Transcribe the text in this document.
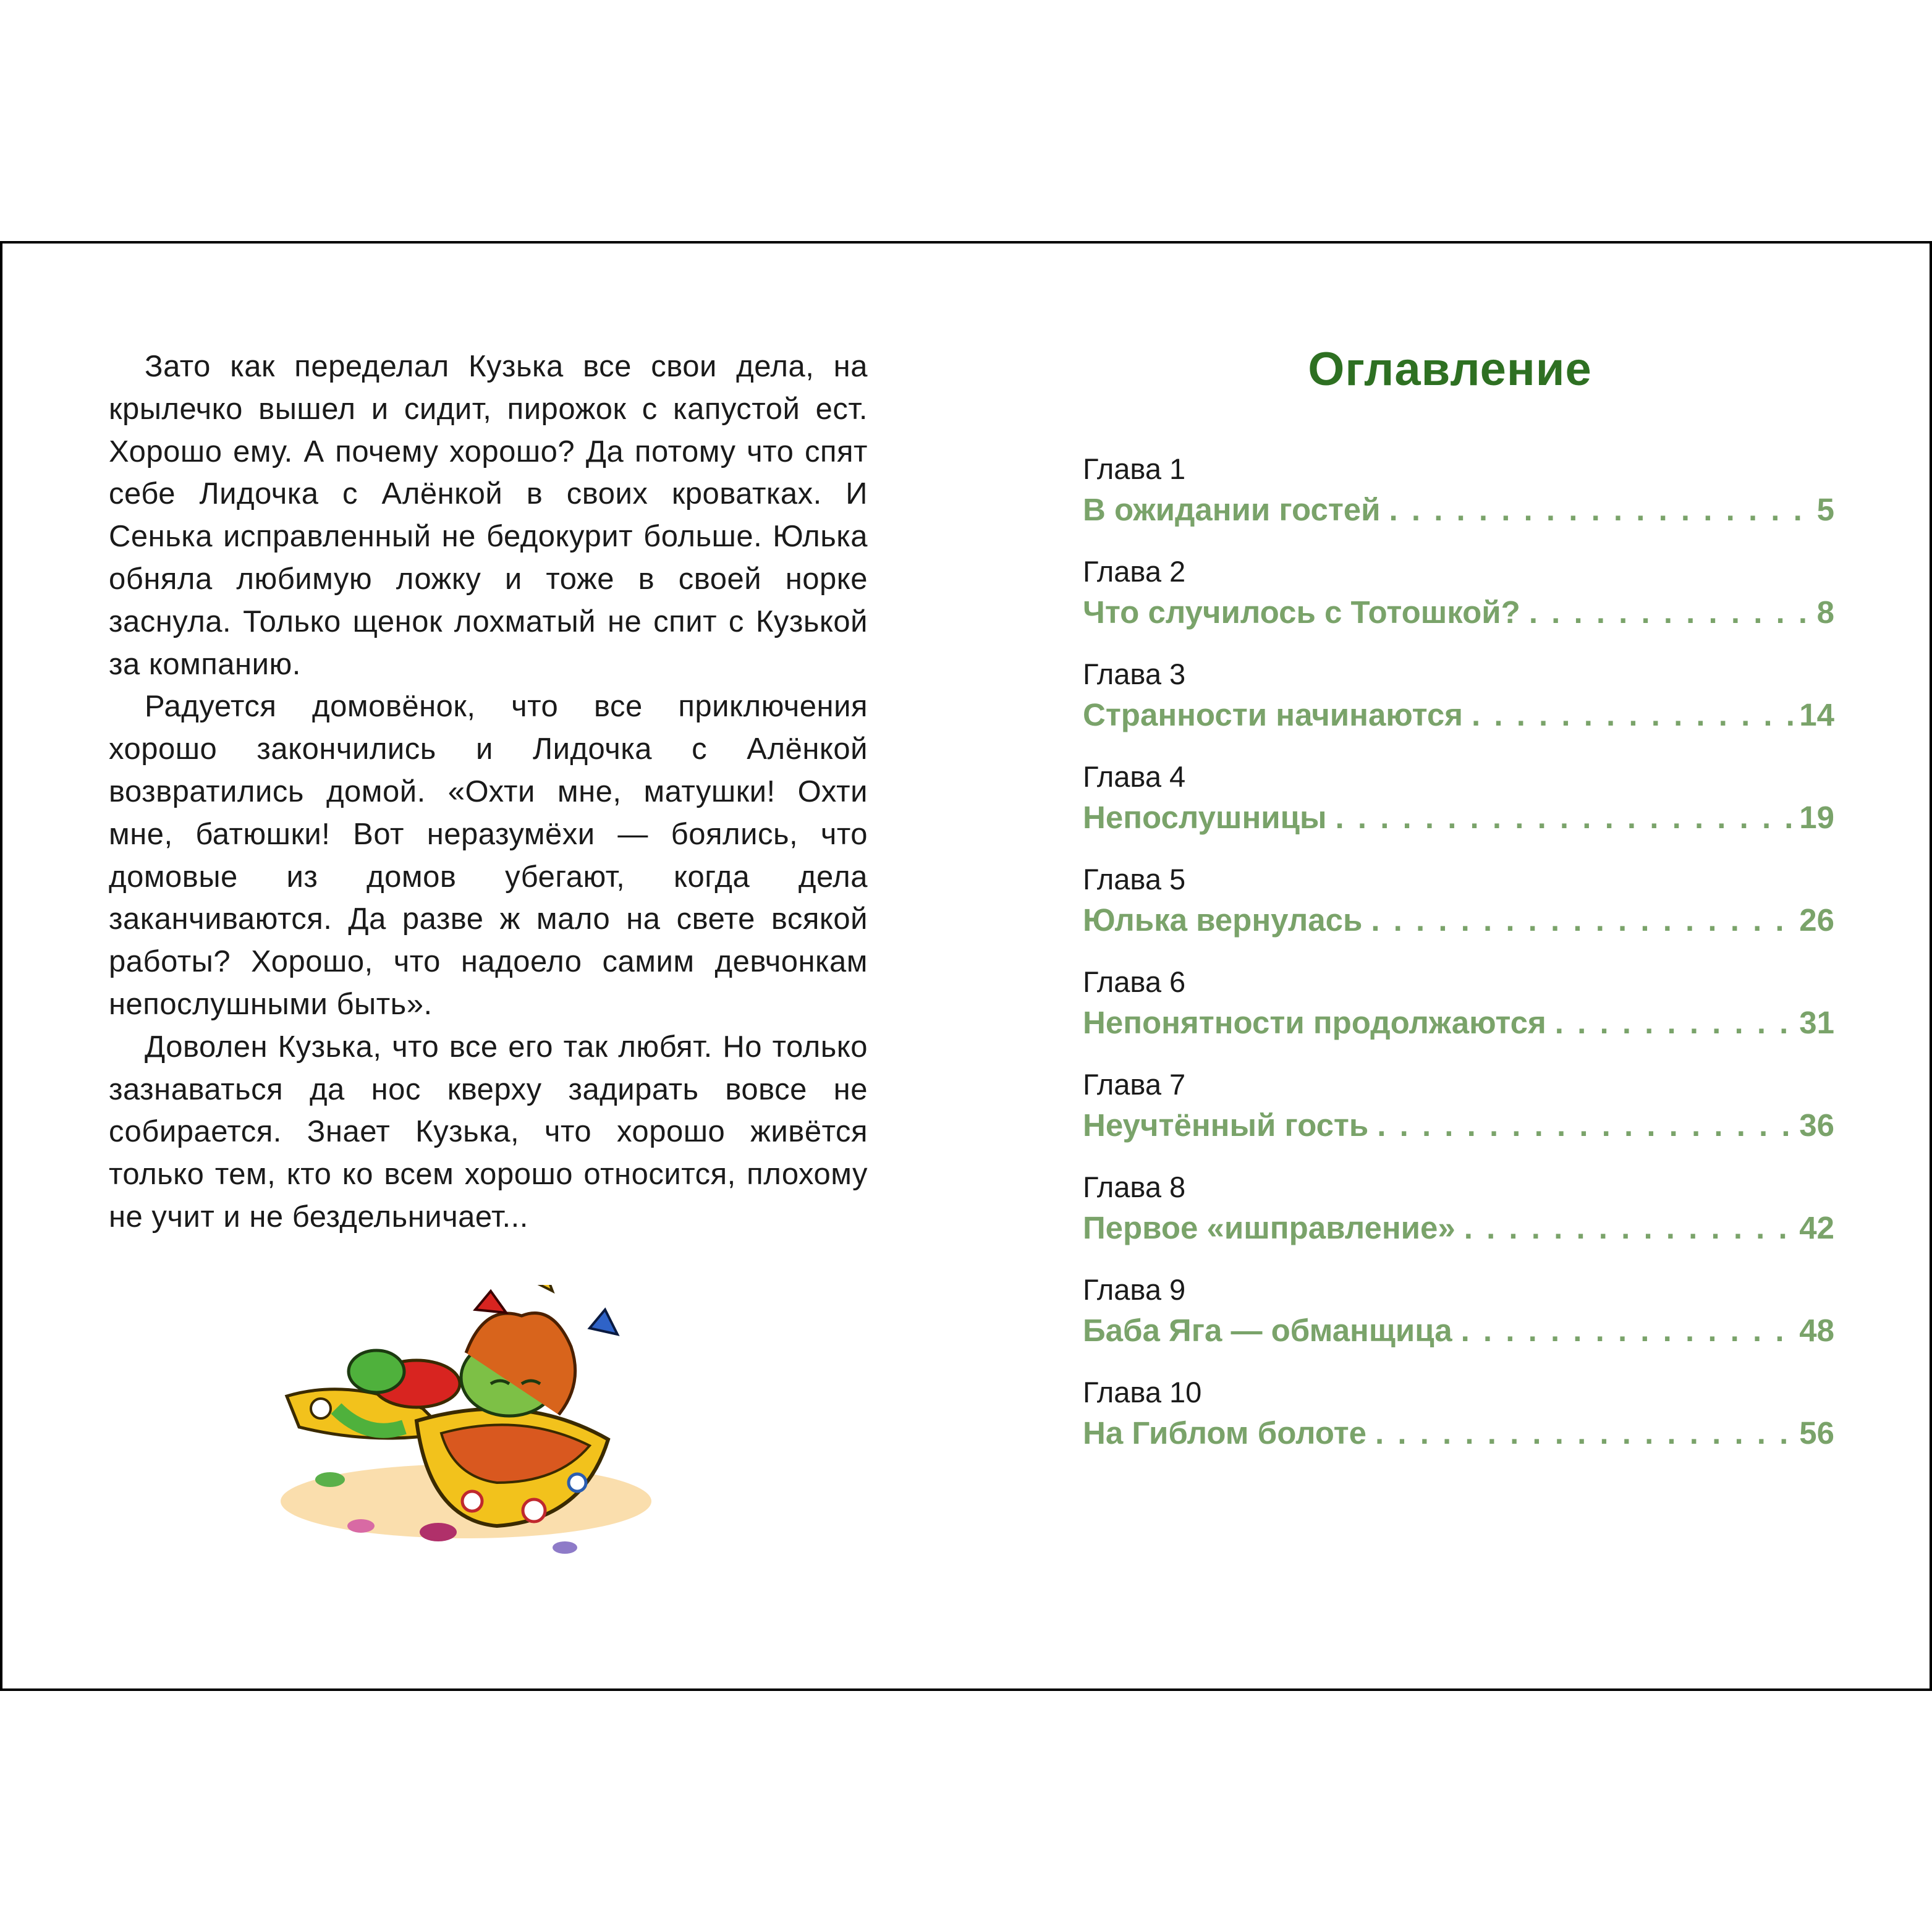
Зато как переделал Кузька все свои дела, на крылечко вышел и сидит, пирожок с капустой ест. Хорошо ему. А почему хорошо? Да потому что спят себе Лидочка с Алёнкой в своих кроватках. И Сенька исправленный не бедокурит больше. Юлька обняла любимую ложку и тоже в своей норке заснула. Только щенок лохматый не спит с Кузькой за компанию.

Радуется домовёнок, что все приключения хорошо закончились и Лидочка с Алёнкой возвратились домой. «Охти мне, матушки! Охти мне, батюшки! Вот неразумёхи — боялись, что домовые из домов убегают, когда дела заканчиваются. Да разве ж мало на свете всякой работы? Хорошо, что надоело самим девчонкам непослушными быть».

Доволен Кузька, что все его так любят. Но только зазнаваться да нос кверху задирать вовсе не собирается. Знает Кузька, что хорошо живётся только тем, кто ко всем хорошо относится, плохому не учит и не бездельничает...

Оглавление
Глава 1
В ожидании гостей . . .	5
Глава 2
Что случилось с Тотошкой? . . .	8
Глава 3
Странности начинаются . . .	14
Глава 4
Непослушницы . . .	19
Глава 5
Юлька вернулась . . .	26
Глава 6
Непонятности продолжаются . . .	31
Глава 7
Неучтённый гость . . .	36
Глава 8
Первое «ишправление» . . .	42
Глава 9
Баба Яга — обманщица . . .	48
Глава 10
На Гиблом болоте . . .	56
